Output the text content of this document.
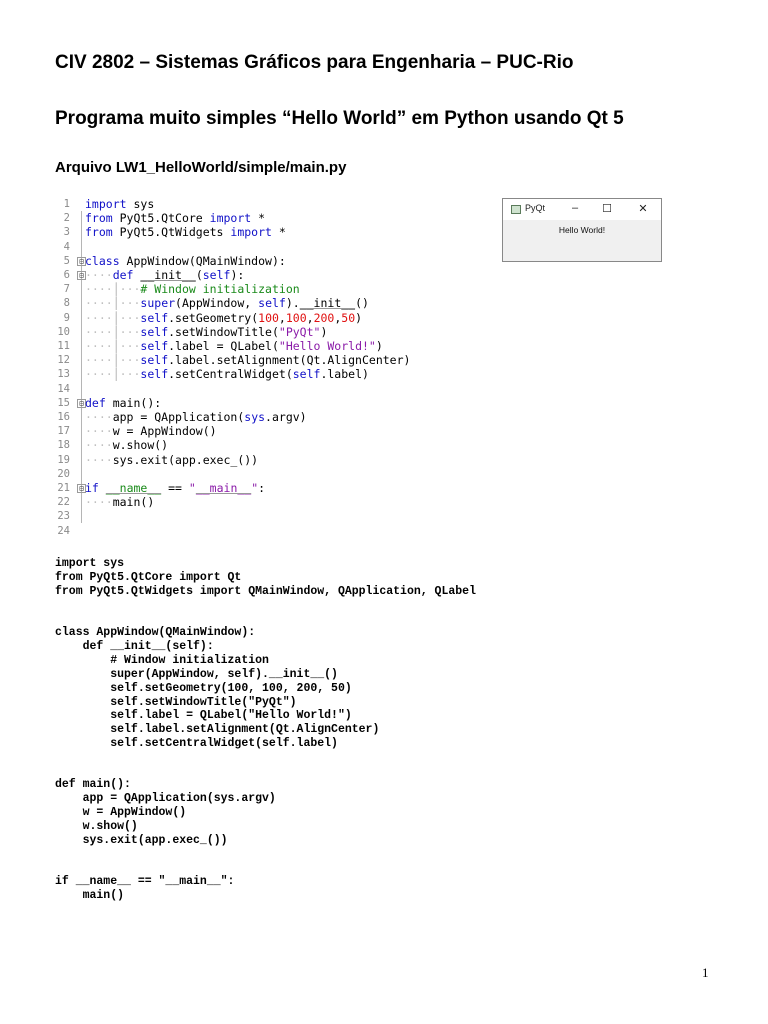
CIV 2802 – Sistemas Gráficos para Engenharia – PUC-Rio
Programa muito simples “Hello World” em Python usando Qt 5
Arquivo LW1_HelloWorld/simple/main.py
1 import sys
2 from PyQt5.QtCore import *
3 from PyQt5.QtWidgets import *
4
5 ⊟ class AppWindow(QMainWindow):
6 ⊟ ····def __init__(self):
7 ····│···# Window initialization
8 ····│···super(AppWindow, self).__init__()
9 ····│···self.setGeometry(100,100,200,50)
10 ····│···self.setWindowTitle("PyQt")
11 ····│···self.label = QLabel("Hello World!")
12 ····│···self.label.setAlignment(Qt.AlignCenter)
13 ····│···self.setCentralWidget(self.label)
14
15 ⊟ def main():
16 ····app = QApplication(sys.argv)
17 ····w = AppWindow()
18 ····w.show()
19 ····sys.exit(app.exec_())
20
21 ⊟ if __name__ == "__main__":
22 ····main()
23
24
PyQt – ☐ ✕
Hello World!
import sys
from PyQt5.QtCore import Qt
from PyQt5.QtWidgets import QMainWindow, QApplication, QLabel
class AppWindow(QMainWindow):
def __init__(self):
# Window initialization
super(AppWindow, self).__init__()
self.setGeometry(100, 100, 200, 50)
self.setWindowTitle("PyQt")
self.label = QLabel("Hello World!")
self.label.setAlignment(Qt.AlignCenter)
self.setCentralWidget(self.label)
def main():
app = QApplication(sys.argv)
w = AppWindow()
w.show()
sys.exit(app.exec_())
if __name__ == "__main__":
main()
1
